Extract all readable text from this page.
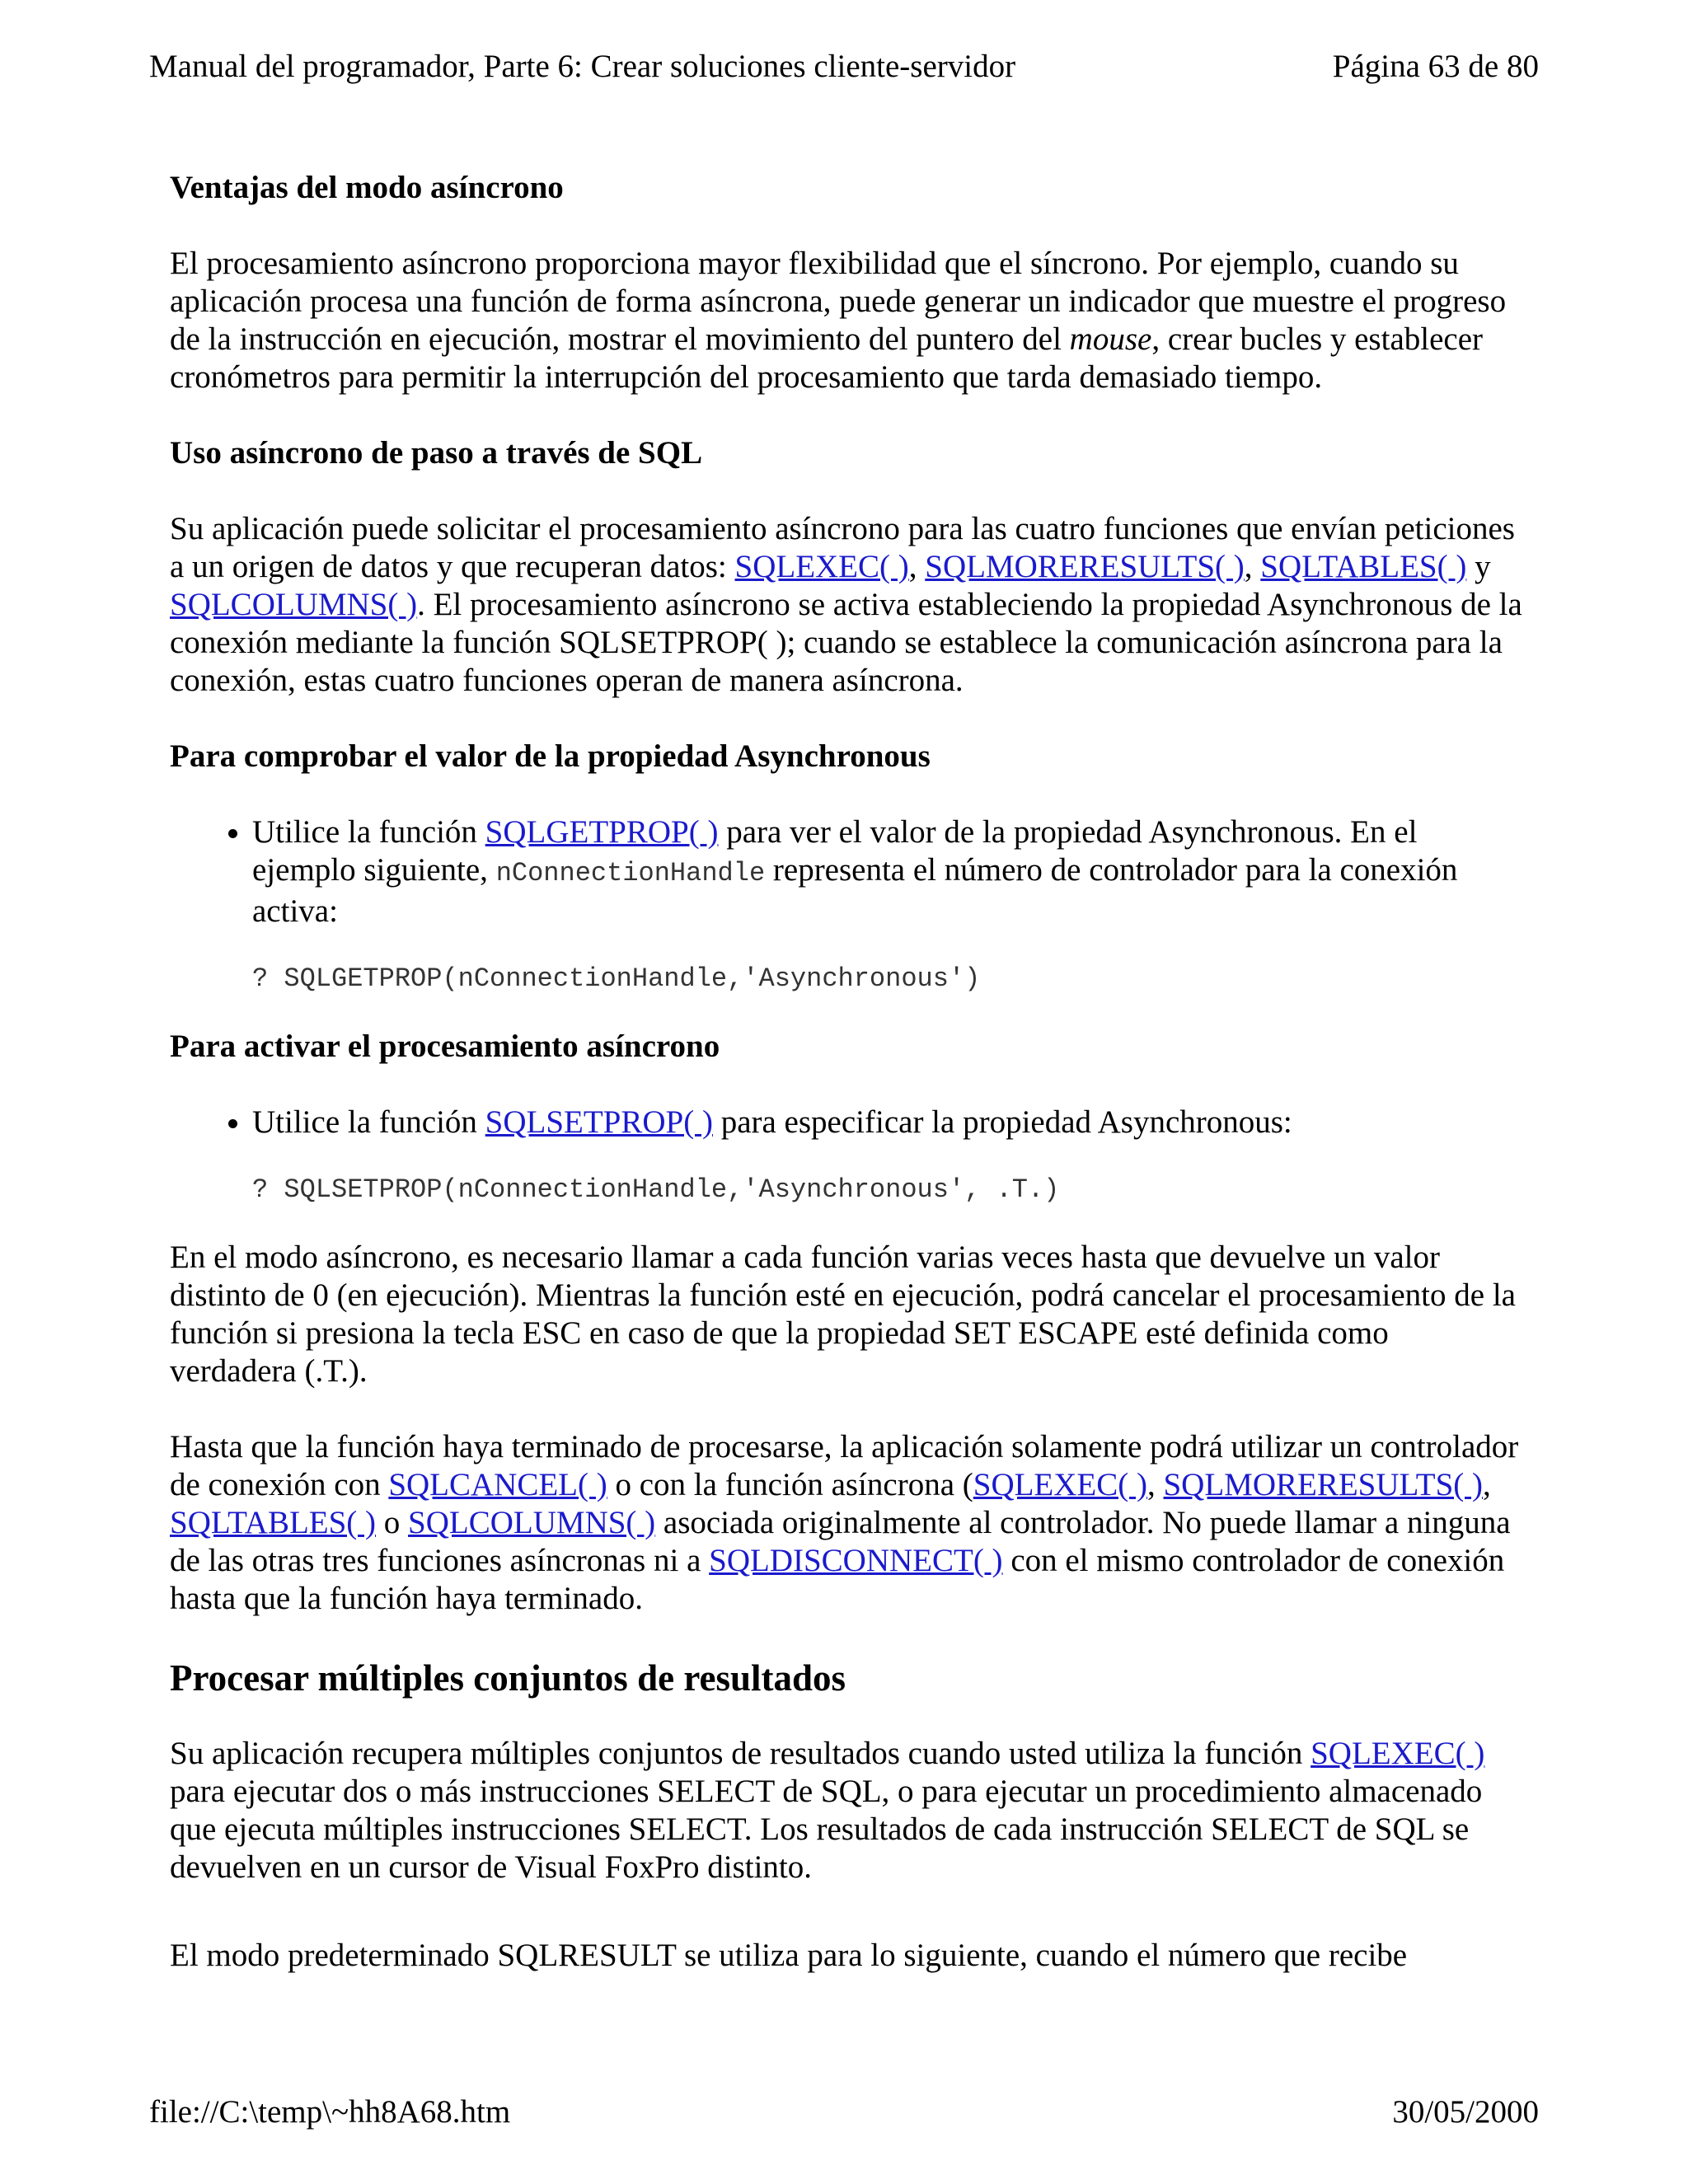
Manual del programador, Parte 6: Crear soluciones cliente-servidor	Página 63 de 80
Ventajas del modo asíncrono

El procesamiento asíncrono proporciona mayor flexibilidad que el síncrono. Por ejemplo, cuando su aplicación procesa una función de forma asíncrona, puede generar un indicador que muestre el progreso de la instrucción en ejecución, mostrar el movimiento del puntero del mouse, crear bucles y establecer cronómetros para permitir la interrupción del procesamiento que tarda demasiado tiempo.

Uso asíncrono de paso a través de SQL

Su aplicación puede solicitar el procesamiento asíncrono para las cuatro funciones que envían peticiones a un origen de datos y que recuperan datos: SQLEXEC( ), SQLMORERESULTS( ), SQLTABLES( ) y SQLCOLUMNS( ). El procesamiento asíncrono se activa estableciendo la propiedad Asynchronous de la conexión mediante la función SQLSETPROP( ); cuando se establece la comunicación asíncrona para la conexión, estas cuatro funciones operan de manera asíncrona.

Para comprobar el valor de la propiedad Asynchronous
• Utilice la función SQLGETPROP( ) para ver el valor de la propiedad Asynchronous. En el ejemplo siguiente, nConnectionHandle representa el número de controlador para la conexión activa:
? SQLGETPROP(nConnectionHandle,'Asynchronous')
Para activar el procesamiento asíncrono
• Utilice la función SQLSETPROP( ) para especificar la propiedad Asynchronous:
? SQLSETPROP(nConnectionHandle,'Asynchronous', .T.)

En el modo asíncrono, es necesario llamar a cada función varias veces hasta que devuelve un valor distinto de 0 (en ejecución). Mientras la función esté en ejecución, podrá cancelar el procesamiento de la función si presiona la tecla ESC en caso de que la propiedad SET ESCAPE esté definida como verdadera (.T.).

Hasta que la función haya terminado de procesarse, la aplicación solamente podrá utilizar un controlador de conexión con SQLCANCEL( ) o con la función asíncrona (SQLEXEC( ), SQLMORERESULTS( ), SQLTABLES( ) o SQLCOLUMNS( ) asociada originalmente al controlador. No puede llamar a ninguna de las otras tres funciones asíncronas ni a SQLDISCONNECT( ) con el mismo controlador de conexión hasta que la función haya terminado.

Procesar múltiples conjuntos de resultados

Su aplicación recupera múltiples conjuntos de resultados cuando usted utiliza la función SQLEXEC( ) para ejecutar dos o más instrucciones SELECT de SQL, o para ejecutar un procedimiento almacenado que ejecuta múltiples instrucciones SELECT. Los resultados de cada instrucción SELECT de SQL se devuelven en un cursor de Visual FoxPro distinto.

El modo predeterminado SQLRESULT se utiliza para lo siguiente, cuando el número que recibe
file://C:\temp\~hh8A68.htm	30/05/2000
